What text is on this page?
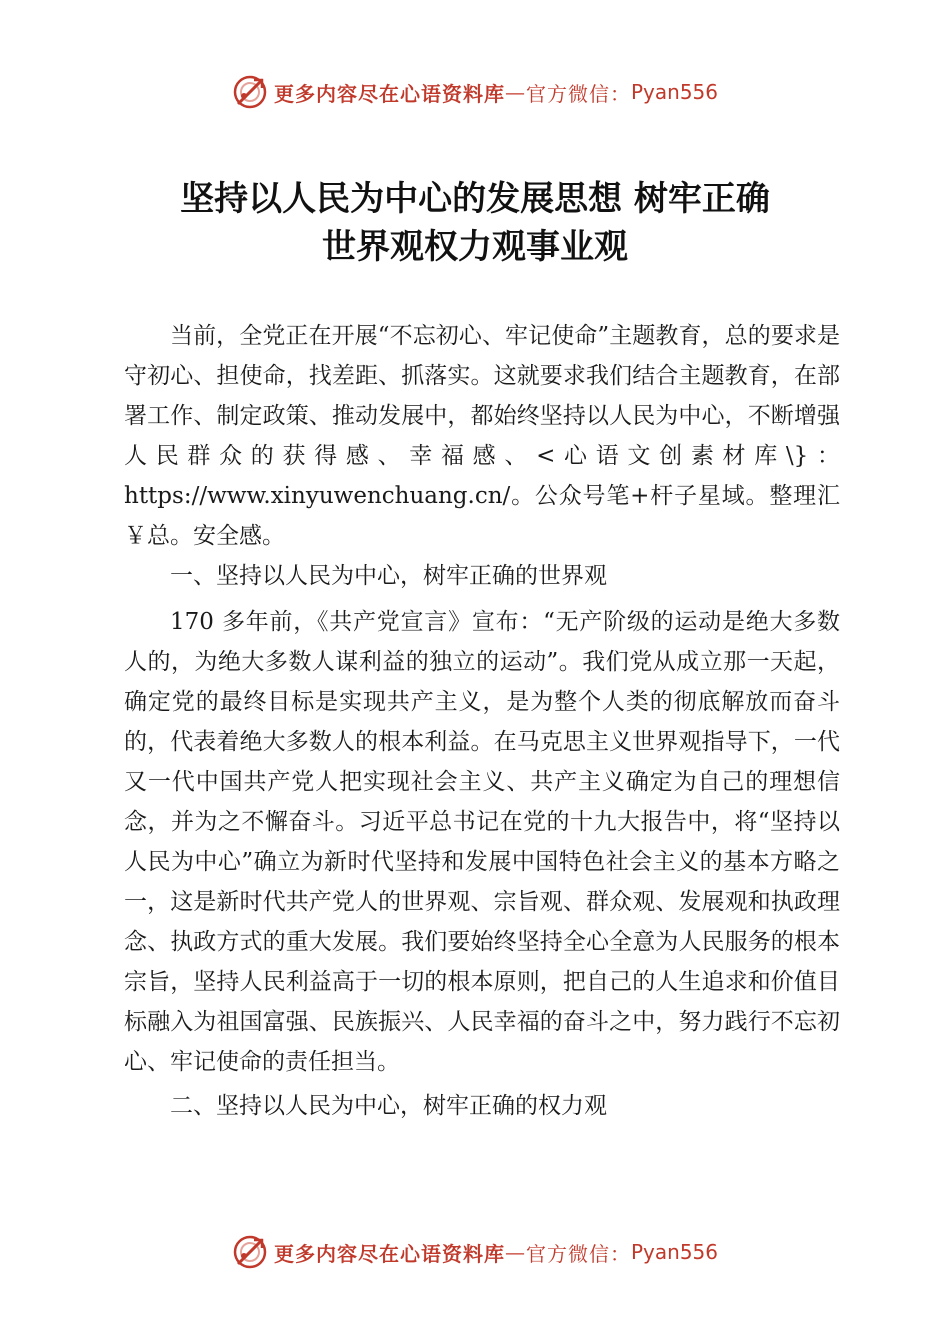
更多内容尽在心语资料库 — 官方微信： Pyan556
坚持以人民为中心的发展思想 树牢正确
世界观权力观事业观

当前，全党正在开展“不忘初心、牢记使命”主题教育，总的要求是守初心、担使命，找差距、抓落实。这就要求我们结合主题教育，在部署工作、制定政策、推动发展中，都始终坚持以人民为中心，不断增强人民群众的获得感、幸福感、<心语文创素材库\}：https://www.xinyuwenchuang.cn/。公众号笔+杆子星域。整理汇￥总。安全感。

一、坚持以人民为中心，树牢正确的世界观

170 多年前，《共产党宣言》宣布：“无产阶级的运动是绝大多数人的，为绝大多数人谋利益的独立的运动”。我们党从成立那一天起，确定党的最终目标是实现共产主义，是为整个人类的彻底解放而奋斗的，代表着绝大多数人的根本利益。在马克思主义世界观指导下，一代又一代中国共产党人把实现社会主义、共产主义确定为自己的理想信念，并为之不懈奋斗。习近平总书记在党的十九大报告中，将“坚持以人民为中心”确立为新时代坚持和发展中国特色社会主义的基本方略之一，这是新时代共产党人的世界观、宗旨观、群众观、发展观和执政理念、执政方式的重大发展。我们要始终坚持全心全意为人民服务的根本宗旨，坚持人民利益高于一切的根本原则，把自己的人生追求和价值目标融入为祖国富强、民族振兴、人民幸福的奋斗之中，努力践行不忘初心、牢记使命的责任担当。

二、坚持以人民为中心，树牢正确的权力观

更多内容尽在心语资料库 — 官方微信： Pyan556
